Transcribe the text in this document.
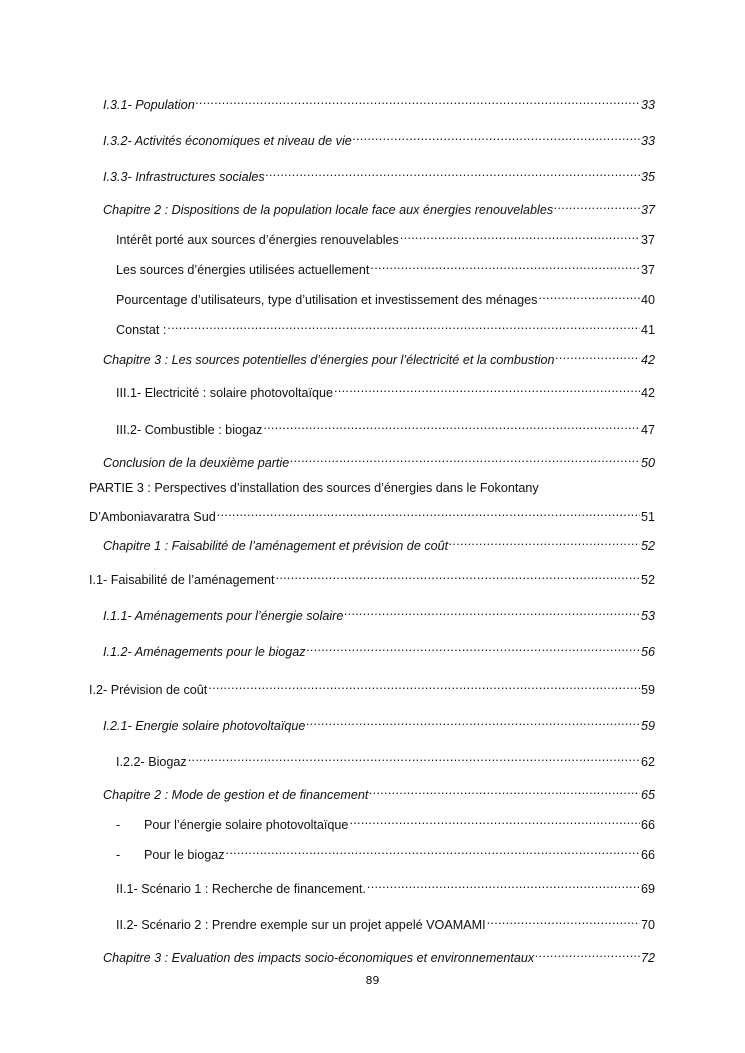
I.3.1- Population .....	33
I.3.2- Activités économiques et niveau de vie .....	33
I.3.3- Infrastructures sociales .....	35
Chapitre 2 : Dispositions de la population locale face aux énergies renouvelables .....	37
Intérêt porté aux sources d’énergies renouvelables .....	37
Les sources d’énergies utilisées actuellement .....	37
Pourcentage d’utilisateurs, type d’utilisation et investissement des ménages .....	40
Constat : .....	41
Chapitre 3 : Les sources potentielles d’énergies pour l’électricité et la combustion .....	42
III.1- Electricité : solaire photovoltaïque .....	42
III.2- Combustible : biogaz .....	47
Conclusion de la deuxième partie .....	50
PARTIE 3 : Perspectives d’installation des sources d’énergies dans le Fokontany
D’Amboniavaratra Sud .....	51
Chapitre 1 : Faisabilité de l’aménagement et prévision de coût .....	52
I.1- Faisabilité de l’aménagement .....	52
I.1.1- Aménagements pour l’énergie solaire .....	53
I.1.2- Aménagements pour le biogaz .....	56
I.2- Prévision de coût .....	59
I.2.1- Energie solaire photovoltaïque .....	59
I.2.2- Biogaz .....	62
Chapitre 2 : Mode de gestion et de financement .....	65
- Pour l’énergie solaire photovoltaïque .....	66
- Pour le biogaz .....	66
II.1- Scénario 1 : Recherche de financement. .....	69
II.2- Scénario 2 : Prendre exemple sur un projet appelé VOAMAMI .....	70
Chapitre 3 : Evaluation des impacts socio-économiques et environnementaux .....	72
89
